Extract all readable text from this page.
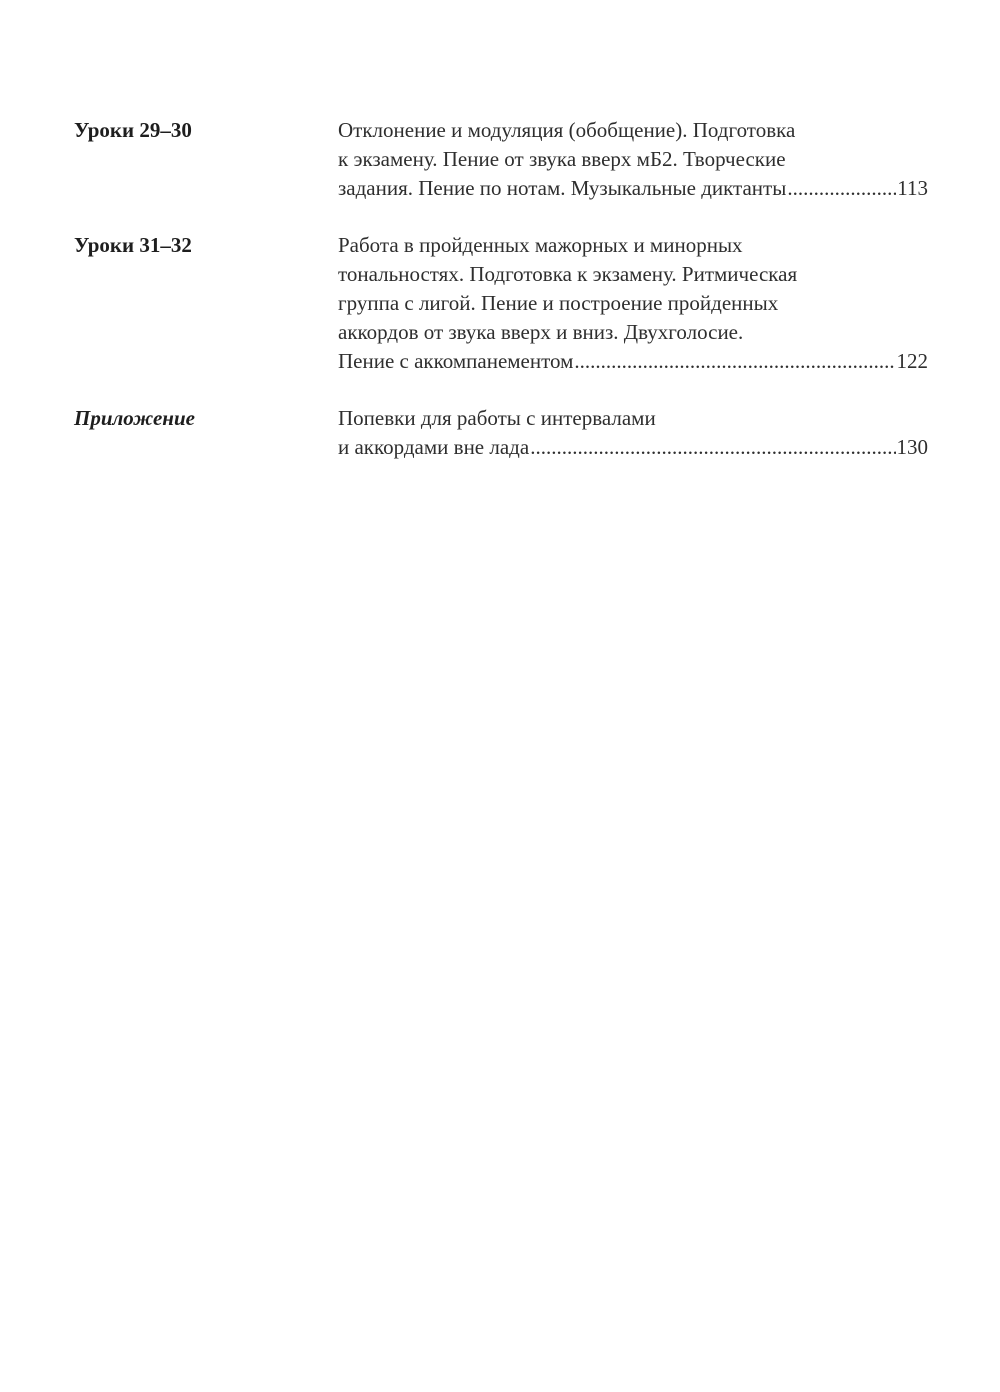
Уроки 29–30	Отклонение и модуляция (обобщение). Подготовка
к экзамену. Пение от звука вверх мБ2. Творческие
задания. Пение по нотам. Музыкальные диктанты .....	113
Уроки 31–32	Работа в пройденных мажорных и минорных
тональностях. Подготовка к экзамену. Ритмическая
группа с лигой. Пение и построение пройденных
аккордов от звука вверх и вниз. Двухголосие.
Пение с аккомпанементом .....	122
Приложение	Попевки для работы с интервалами
и аккордами вне лада .....	130
